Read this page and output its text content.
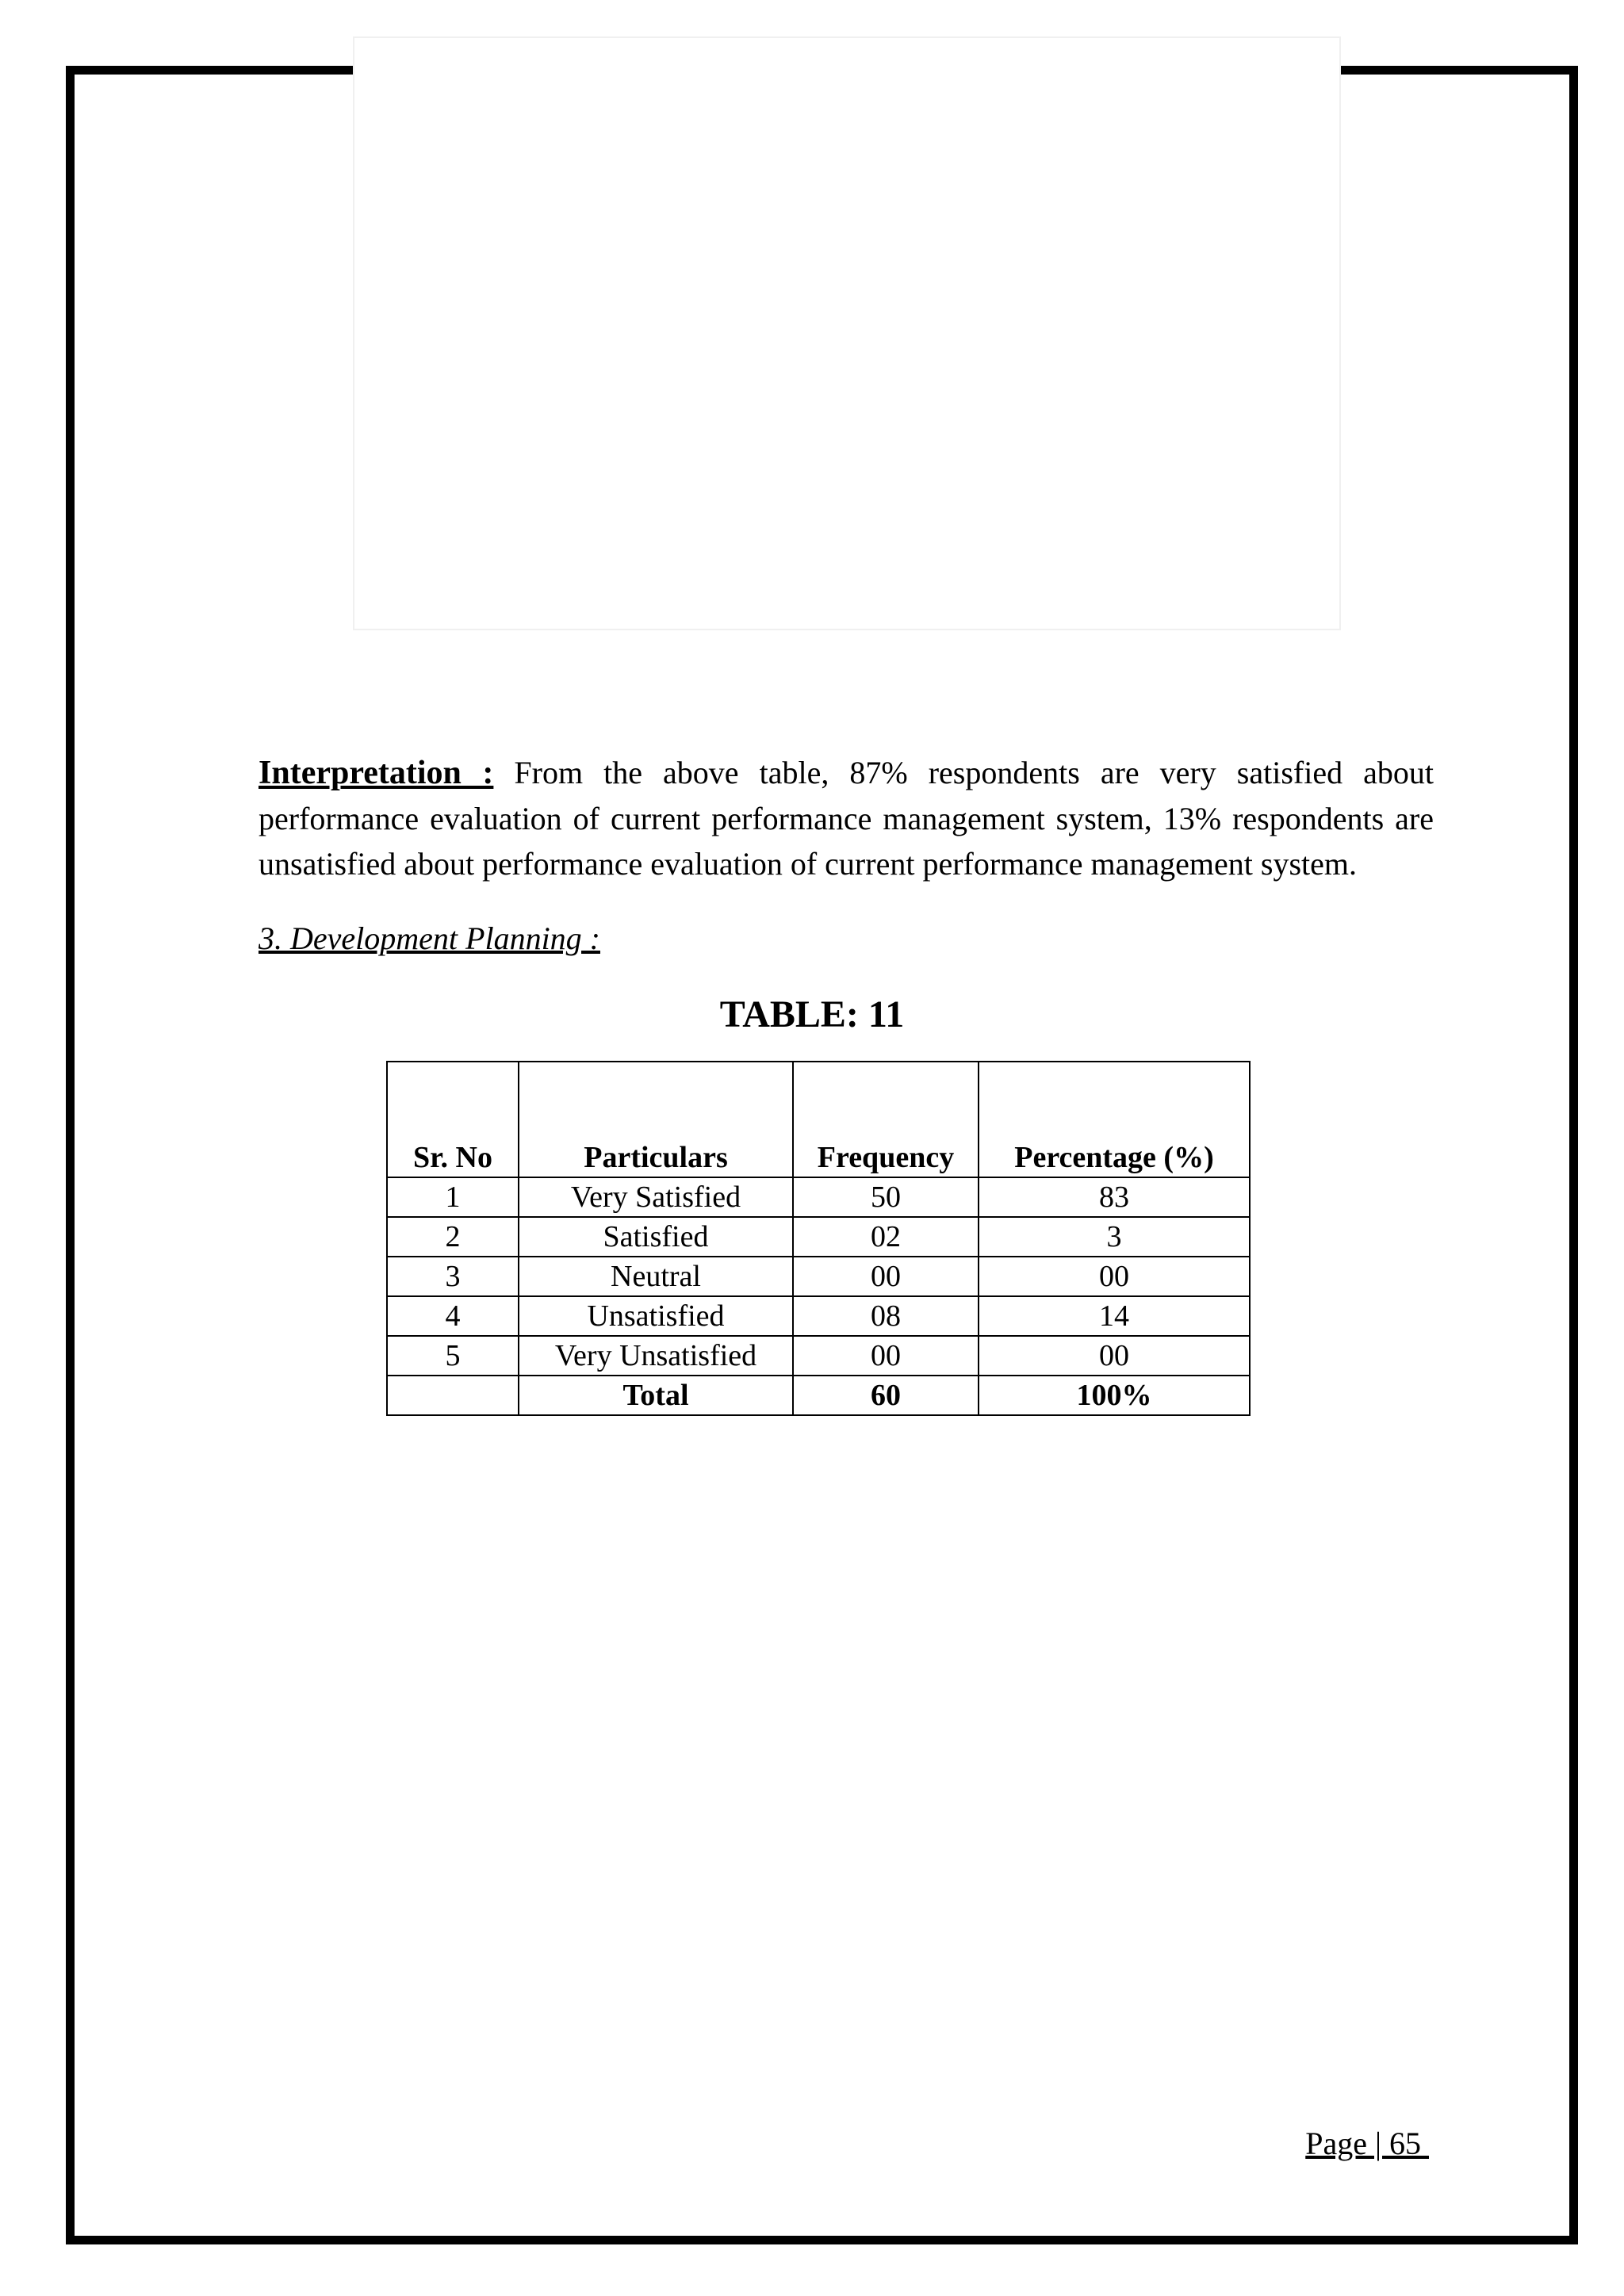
Interpretation : From the above table, 87% respondents are very satisfied about performance evaluation of current performance management system, 13% respondents are unsatisfied about performance evaluation of current performance management system.

3. Development Planning :

TABLE: 11

Sr. No	Particulars	Frequency	Percentage (%)
1	Very Satisfied	50	83
2	Satisfied	02	3
3	Neutral	00	00
4	Unsatisfied	08	14
5	Very Unsatisfied	00	00
	Total	60	100%
Page | 65
